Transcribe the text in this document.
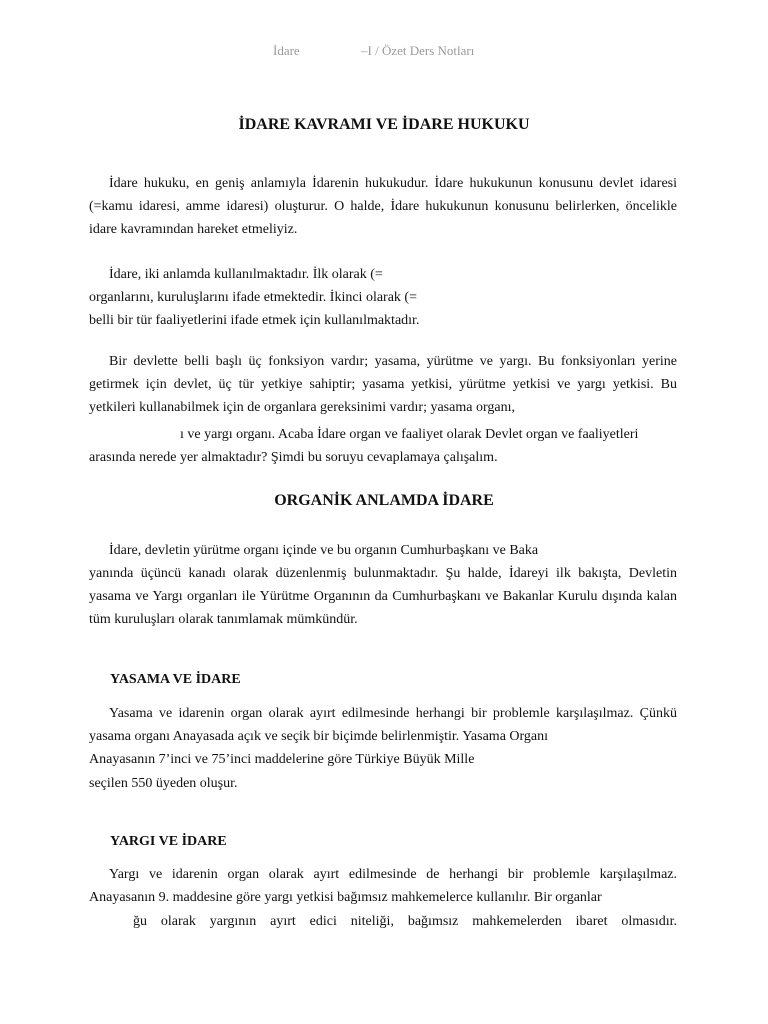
İdare	–I / Özet Ders Notları
İDARE KAVRAMI VE İDARE HUKUKU

İdare hukuku, en geniş anlamıyla İdarenin hukukudur. İdare hukukunun konusunu devlet idaresi (=kamu idaresi, amme idaresi) oluşturur. O halde, İdare hukukunun konusunu belirlerken, öncelikle idare kavramından hareket etmeliyiz.

İdare, iki anlamda kullanılmaktadır. İlk olarak (=

organlarını, kuruluşlarını ifade etmektedir. İkinci olarak (=

belli bir tür faaliyetlerini ifade etmek için kullanılmaktadır.

Bir devlette belli başlı üç fonksiyon vardır; yasama, yürütme ve yargı. Bu fonksiyonları yerine getirmek için devlet, üç tür yetkiye sahiptir; yasama yetkisi, yürütme yetkisi ve yargı yetkisi. Bu yetkileri kullanabilmek için de organlara gereksinimi vardır; yasama organı,

ı ve yargı organı. Acaba İdare organ ve faaliyet olarak Devlet organ ve faaliyetleri

arasında nerede yer almaktadır? Şimdi bu soruyu cevaplamaya çalışalım.

ORGANİK ANLAMDA İDARE

İdare, devletin yürütme organı içinde ve bu organın Cumhurbaşkanı ve Baka

yanında üçüncü kanadı olarak düzenlenmiş bulunmaktadır. Şu halde, İdareyi ilk bakışta, Devletin yasama ve Yargı organları ile Yürütme Organının da Cumhurbaşkanı ve Bakanlar Kurulu dışında kalan tüm kuruluşları olarak tanımlamak mümkündür.

YASAMA VE İDARE

Yasama ve idarenin organ olarak ayırt edilmesinde herhangi bir problemle karşılaşılmaz. Çünkü yasama organı Anayasada açık ve seçik bir biçimde belirlenmiştir. Yasama Organı

Anayasanın 7’inci ve 75’inci maddelerine göre Türkiye Büyük Mille

seçilen 550 üyeden oluşur.

YARGI VE İDARE

Yargı ve idarenin organ olarak ayırt edilmesinde de herhangi bir problemle karşılaşılmaz. Anayasanın 9. maddesine göre yargı yetkisi bağımsız mahkemelerce kullanılır. Bir organlar

ğu olarak yargının ayırt edici niteliği, bağımsız mahkemelerden ibaret olmasıdır.
